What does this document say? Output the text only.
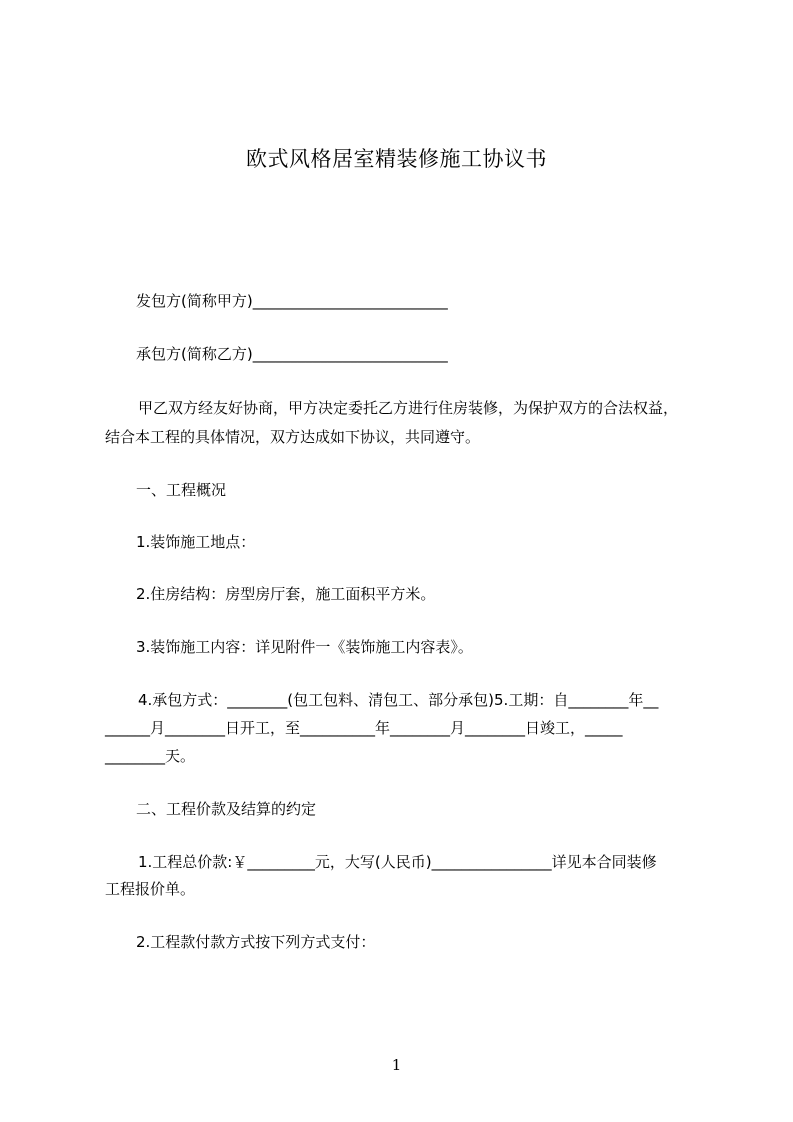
欧式风格居室精装修施工协议书

发包方(简称甲方)__________________________

承包方(简称乙方)__________________________

甲乙双方经友好协商，甲方决定委托乙方进行住房装修，为保护双方的合法权益，

结合本工程的具体情况，双方达成如下协议，共同遵守。

一、工程概况

1.装饰施工地点：

2.住房结构：房型房厅套，施工面积平方米。

3.装饰施工内容：详见附件一《装饰施工内容表》。

4.承包方式：________(包工包料、清包工、部分承包)5.工期：自________年__

______月________日开工，至__________年________月________日竣工，_____

________天。

二、工程价款及结算的约定

1.工程总价款:￥_________元，大写(人民币)________________详见本合同装修

工程报价单。

2.工程款付款方式按下列方式支付：

1
